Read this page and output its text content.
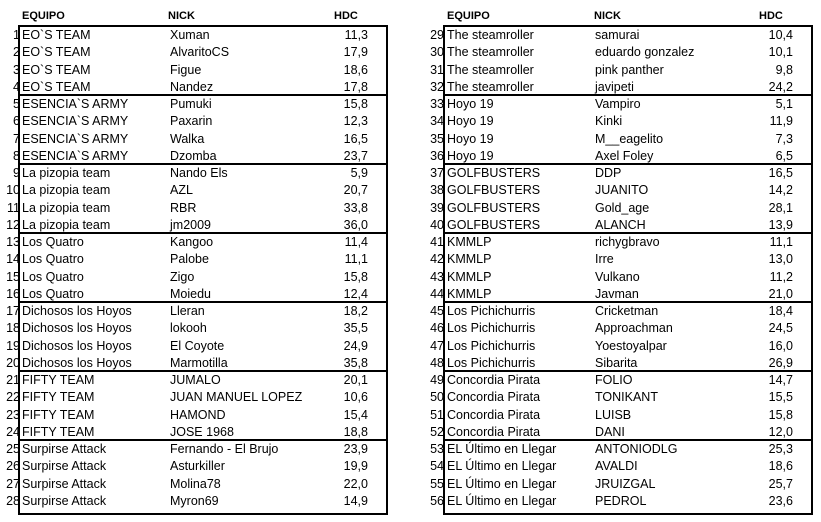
EQUIPO	NICK	HDC	EQUIPO	NICK	HDC
1 EO`S TEAM	Xuman	11,3
2 EO`S TEAM	AlvaritoCS	17,9
3 EO`S TEAM	Figue	18,6
4 EO`S TEAM	Nandez	17,8
5 ESENCIA`S ARMY	Pumuki	15,8
6 ESENCIA`S ARMY	Paxarin	12,3
7 ESENCIA`S ARMY	Walka	16,5
8 ESENCIA`S ARMY	Dzomba	23,7
9 La pizopia team	Nando Els	5,9
10 La pizopia team	AZL	20,7
11 La pizopia team	RBR	33,8
12 La pizopia team	jm2009	36,0
13 Los Quatro	Kangoo	11,4
14 Los Quatro	Palobe	11,1
15 Los Quatro	Zigo	15,8
16 Los Quatro	Moiedu	12,4
17 Dichosos los Hoyos	Lleran	18,2
18 Dichosos los Hoyos	lokooh	35,5
19 Dichosos los Hoyos	El Coyote	24,9
20 Dichosos los Hoyos	Marmotilla	35,8
21 FIFTY TEAM	JUMALO	20,1
22 FIFTY TEAM	JUAN MANUEL LOPEZ	10,6
23 FIFTY TEAM	HAMOND	15,4
24 FIFTY TEAM	JOSE 1968	18,8
25 Surpirse Attack	Fernando - El Brujo	23,9
26 Surpirse Attack	Asturkiller	19,9
27 Surpirse Attack	Molina78	22,0
28 Surpirse Attack	Myron69	14,9
29 The steamroller	samurai	10,4
30 The steamroller	eduardo gonzalez	10,1
31 The steamroller	pink panther	9,8
32 The steamroller	javipeti	24,2
33 Hoyo 19	Vampiro	5,1
34 Hoyo 19	Kinki	11,9
35 Hoyo 19	M__eagelito	7,3
36 Hoyo 19	Axel Foley	6,5
37 GOLFBUSTERS	DDP	16,5
38 GOLFBUSTERS	JUANITO	14,2
39 GOLFBUSTERS	Gold_age	28,1
40 GOLFBUSTERS	ALANCH	13,9
41 KMMLP	richygbravo	11,1
42 KMMLP	Irre	13,0
43 KMMLP	Vulkano	11,2
44 KMMLP	Javman	21,0
45 Los Pichichurris	Cricketman	18,4
46 Los Pichichurris	Approachman	24,5
47 Los Pichichurris	Yoestoyalpar	16,0
48 Los Pichichurris	Sibarita	26,9
49 Concordia Pirata	FOLIO	14,7
50 Concordia Pirata	TONIKANT	15,5
51 Concordia Pirata	LUISB	15,8
52 Concordia Pirata	DANI	12,0
53 EL Último en Llegar	ANTONIODLG	25,3
54 EL Último en Llegar	AVALDI	18,6
55 EL Último en Llegar	JRUIZGAL	25,7
56 EL Último en Llegar	PEDROL	23,6
